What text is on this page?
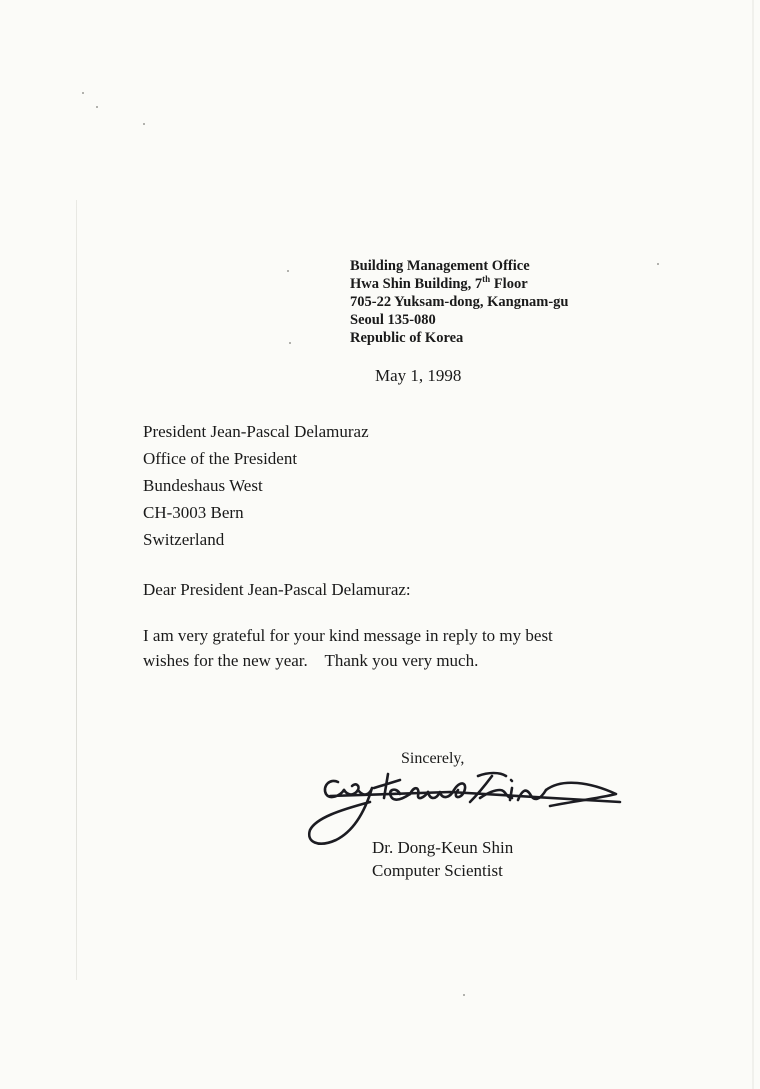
Building Management Office
Hwa Shin Building, 7th Floor
705-22 Yuksam-dong, Kangnam-gu
Seoul 135-080
Republic of Korea
May 1, 1998
President Jean-Pascal Delamuraz
Office of the President
Bundeshaus West
CH-3003 Bern
Switzerland
Dear President Jean-Pascal Delamuraz:
I am very grateful for your kind message in reply to my best
wishes for the new year.    Thank you very much.
Sincerely,
Dr. Dong-Keun Shin
Computer Scientist
